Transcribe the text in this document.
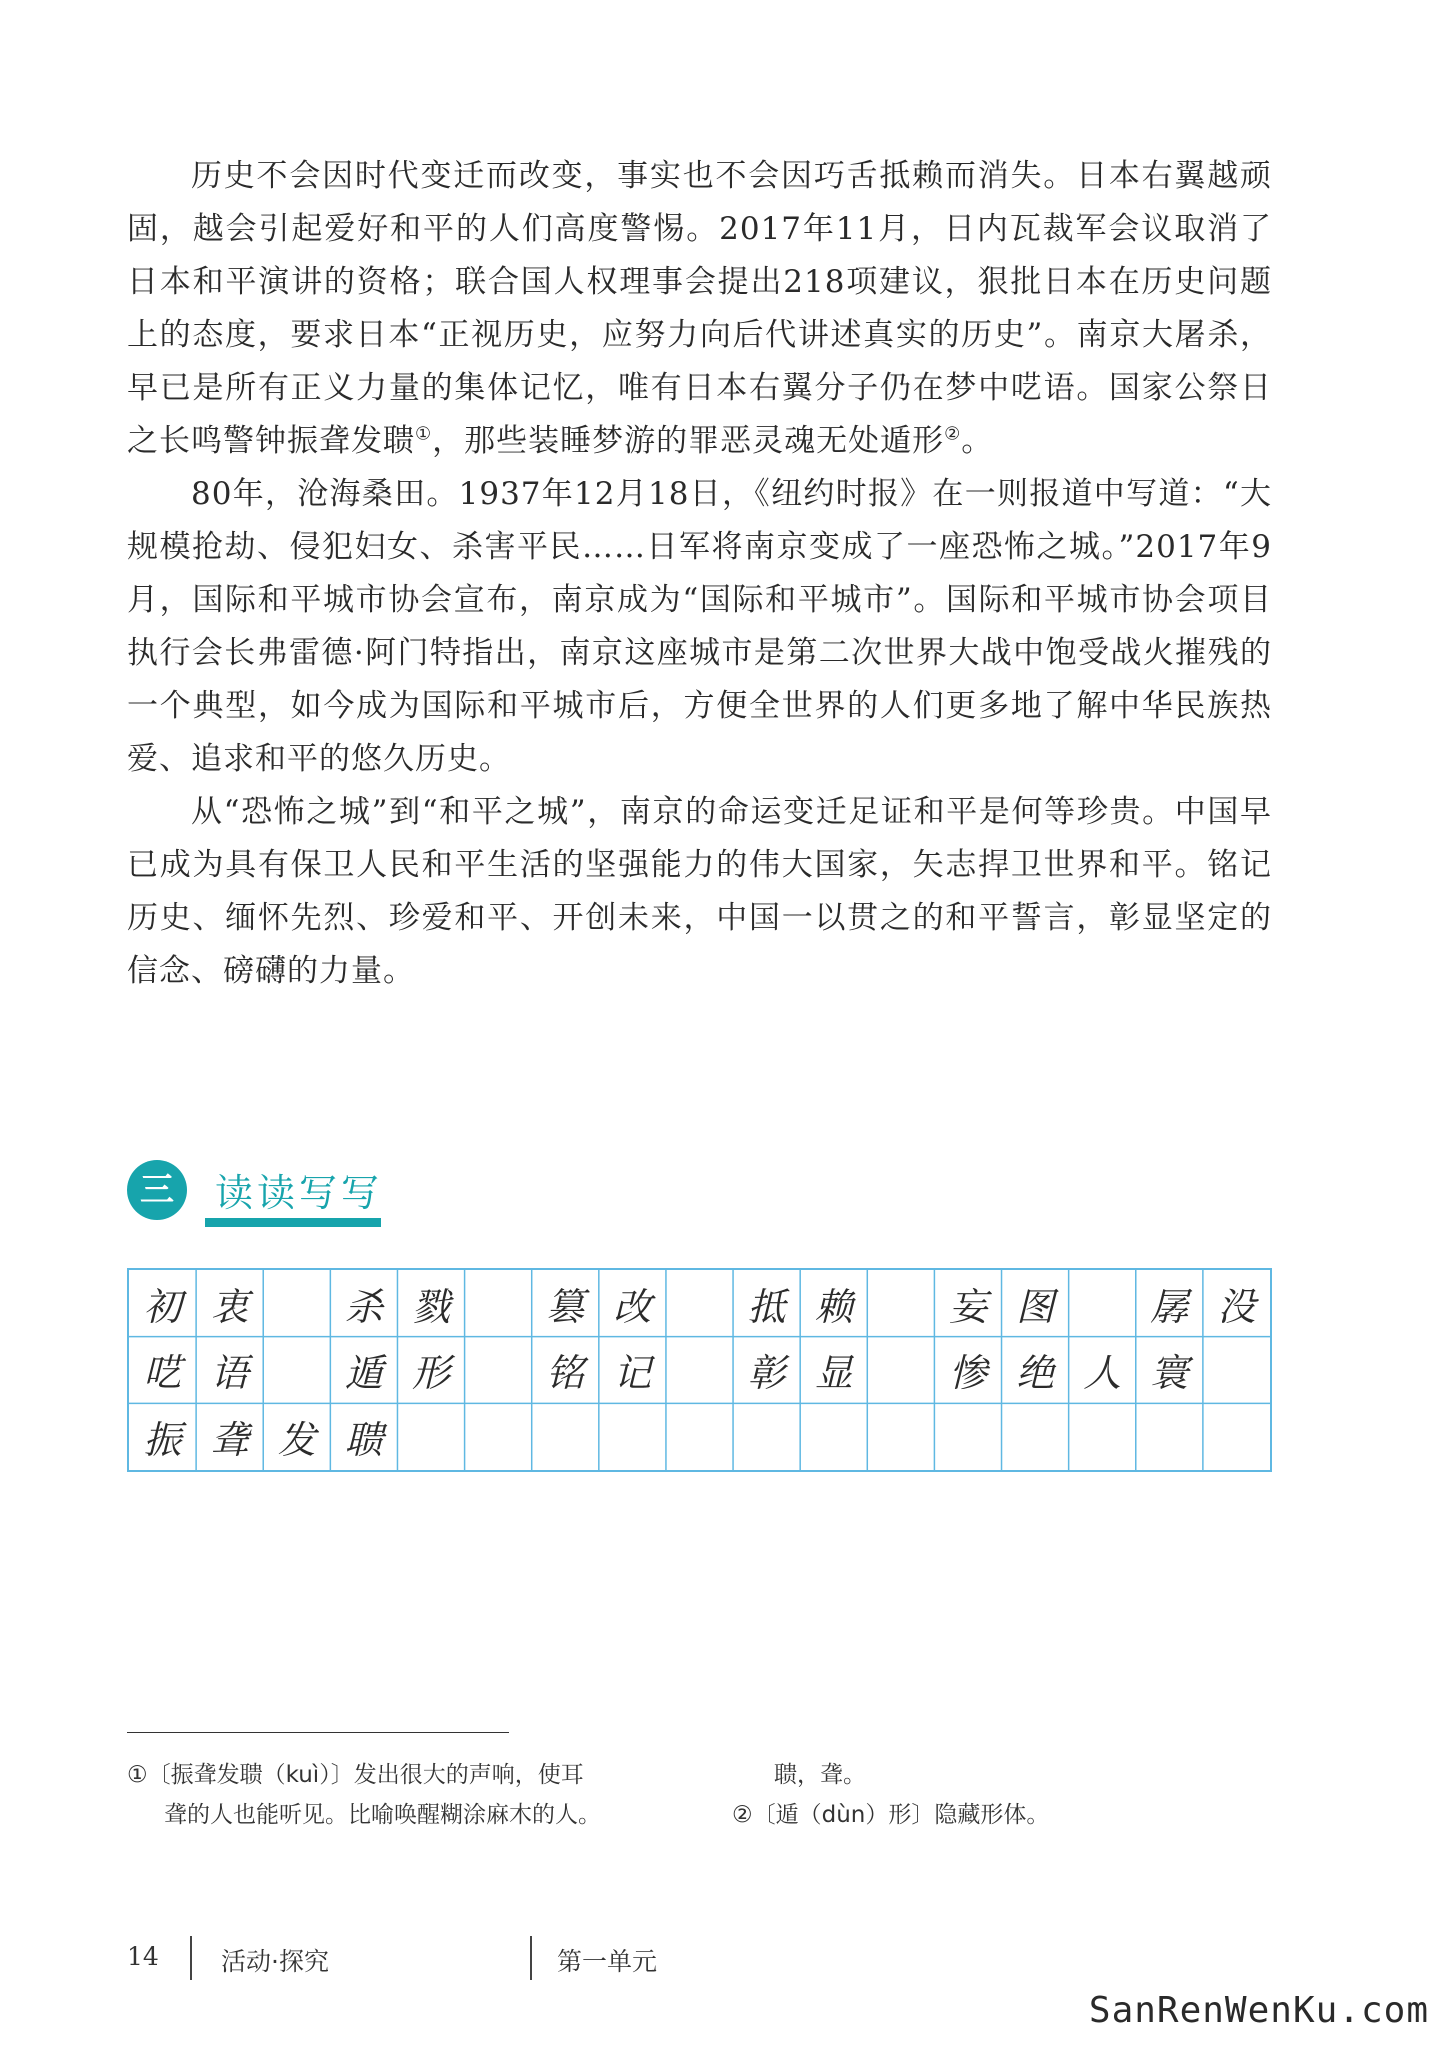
历史不会因时代变迁而改变，事实也不会因巧舌抵赖而消失。日本右翼越顽固，越会引起爱好和平的人们高度警惕。2017年11月，日内瓦裁军会议取消了日本和平演讲的资格；联合国人权理事会提出218项建议，狠批日本在历史问题上的态度，要求日本“正视历史，应努力向后代讲述真实的历史”。南京大屠杀，早已是所有正义力量的集体记忆，唯有日本右翼分子仍在梦中呓语。国家公祭日之长鸣警钟振聋发聩①，那些装睡梦游的罪恶灵魂无处遁形②。

80年，沧海桑田。1937年12月18日，《纽约时报》在一则报道中写道：“大规模抢劫、侵犯妇女、杀害平民……日军将南京变成了一座恐怖之城。”2017年9月，国际和平城市协会宣布，南京成为“国际和平城市”。国际和平城市协会项目执行会长弗雷德·阿门特指出，南京这座城市是第二次世界大战中饱受战火摧残的一个典型，如今成为国际和平城市后，方便全世界的人们更多地了解中华民族热爱、追求和平的悠久历史。

从“恐怖之城”到“和平之城”，南京的命运变迁足证和平是何等珍贵。中国早已成为具有保卫人民和平生活的坚强能力的伟大国家，矢志捍卫世界和平。铭记历史、缅怀先烈、珍爱和平、开创未来，中国一以贯之的和平誓言，彰显坚定的信念、磅礴的力量。

三 读读写写
初 衷	杀 戮	篡 改	抵 赖	妄 图	孱 没
呓 语	遁 形	铭 记	彰 显	惨 绝 人 寰
振 聋 发 聩
①〔振聋发聩（kuì）〕发出很大的声响，使耳
聋的人也能听见。比喻唤醒糊涂麻木的人。
聩，聋。
②〔遁（dùn）形〕隐藏形体。
14 活动·探究	第一单元
SanRenWenKu.com
